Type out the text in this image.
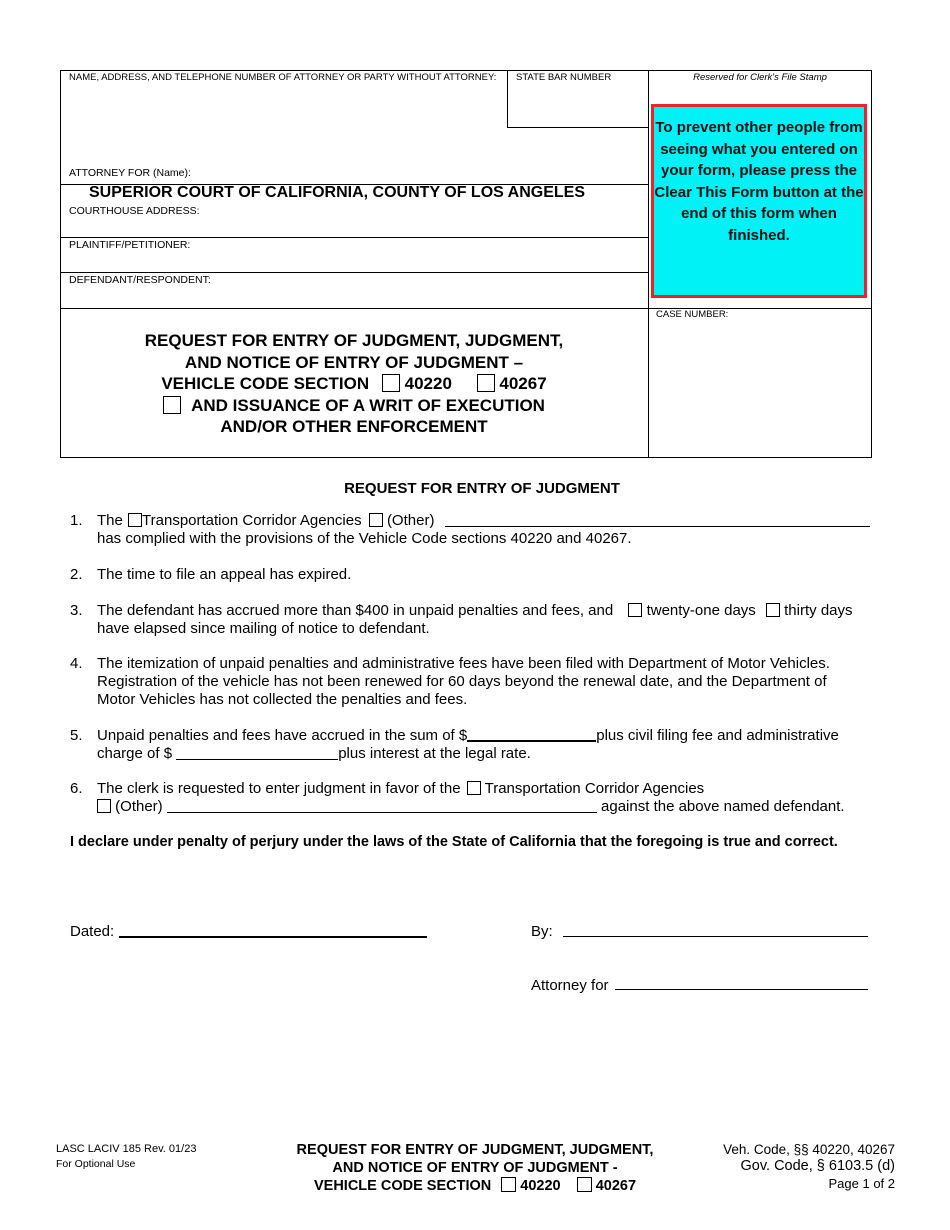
NAME, ADDRESS, AND TELEPHONE NUMBER OF ATTORNEY OR PARTY WITHOUT ATTORNEY: STATE BAR NUMBER	Reserved for Clerk's File Stamp
ATTORNEY FOR (Name):
SUPERIOR COURT OF CALIFORNIA, COUNTY OF LOS ANGELES
COURTHOUSE ADDRESS:
PLAINTIFF/PETITIONER:
DEFENDANT/RESPONDENT:
CASE NUMBER:
To prevent other people from seeing what you entered on your form, please press the Clear This Form button at the end of this form when finished.
REQUEST FOR ENTRY OF JUDGMENT, JUDGMENT,
AND NOTICE OF ENTRY OF JUDGMENT –
VEHICLE CODE SECTION 40220	40267
AND ISSUANCE OF A WRIT OF EXECUTION
AND/OR OTHER ENFORCEMENT
REQUEST FOR ENTRY OF JUDGMENT
1. The Transportation Corridor Agencies (Other)
has complied with the provisions of the Vehicle Code sections 40220 and 40267.
2. The time to file an appeal has expired.
3. The defendant has accrued more than $400 in unpaid penalties and fees, and twenty-one days thirty days
have elapsed since mailing of notice to defendant.
4. The itemization of unpaid penalties and administrative fees have been filed with Department of Motor Vehicles.
Registration of the vehicle has not been renewed for 60 days beyond the renewal date, and the Department of
Motor Vehicles has not collected the penalties and fees.
5. Unpaid penalties and fees have accrued in the sum of $	plus civil filing fee and administrative
charge of $	plus interest at the legal rate.
6. The clerk is requested to enter judgment in favor of the Transportation Corridor Agencies
(Other)	against the above named defendant.
I declare under penalty of perjury under the laws of the State of California that the foregoing is true and correct.
Dated:	By:
Attorney for
LASC LACIV 185 Rev. 01/23
For Optional Use
REQUEST FOR ENTRY OF JUDGMENT, JUDGMENT,
AND NOTICE OF ENTRY OF JUDGMENT -
VEHICLE CODE SECTION 40220 40267
Veh. Code, §§ 40220, 40267
Gov. Code, § 6103.5 (d)
Page 1 of 2
